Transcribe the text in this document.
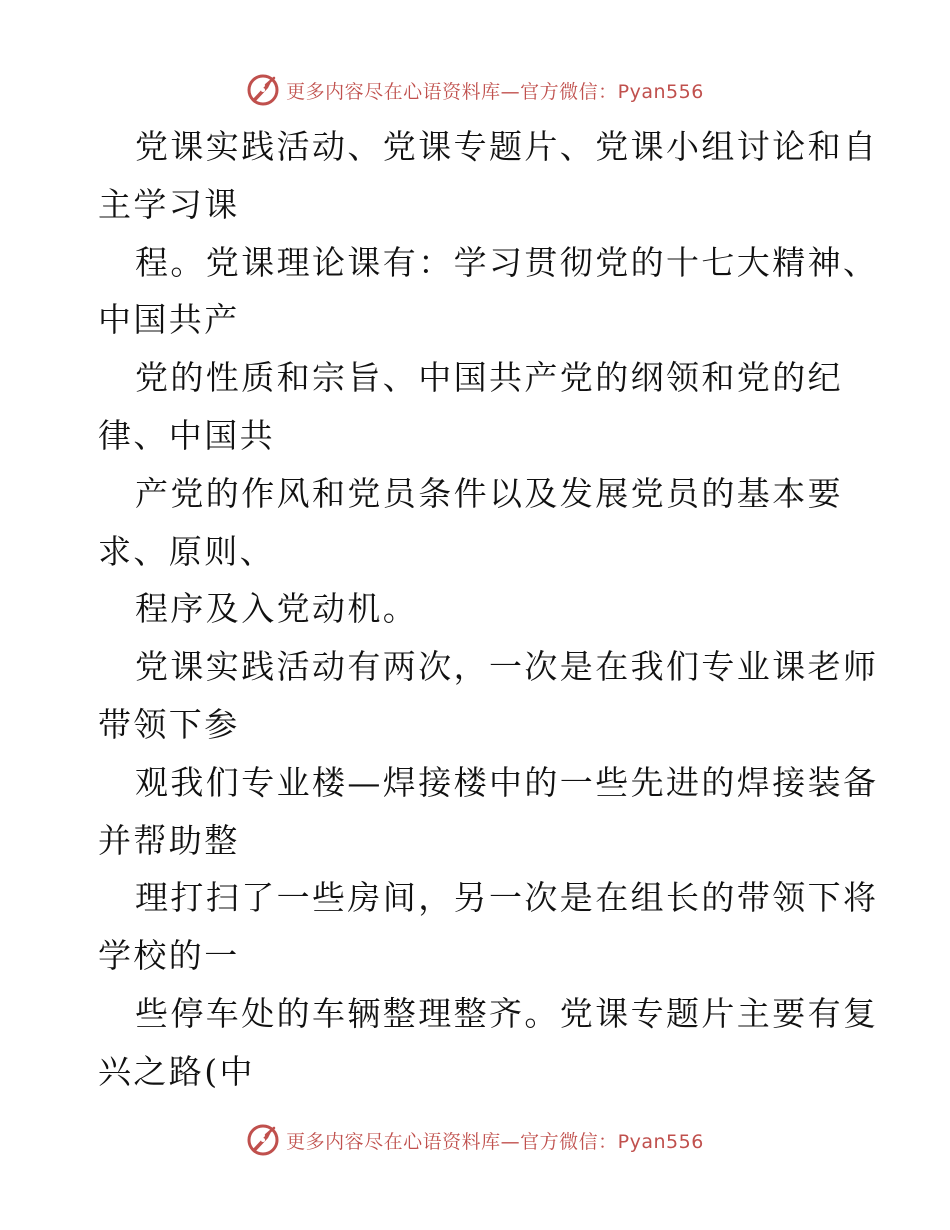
更多内容尽在心语资料库—官方微信：Pyan556
党课实践活动、党课专题片、党课小组讨论和自
主学习课
程。党课理论课有：学习贯彻党的十七大精神、
中国共产
党的性质和宗旨、中国共产党的纲领和党的纪
律、中国共
产党的作风和党员条件以及发展党员的基本要
求、原则、
程序及入党动机。
党课实践活动有两次，一次是在我们专业课老师
带领下参
观我们专业楼—焊接楼中的一些先进的焊接装备
并帮助整
理打扫了一些房间，另一次是在组长的带领下将
学校的一
些停车处的车辆整理整齐。党课专题片主要有复
兴之路(中
更多内容尽在心语资料库—官方微信：Pyan556
